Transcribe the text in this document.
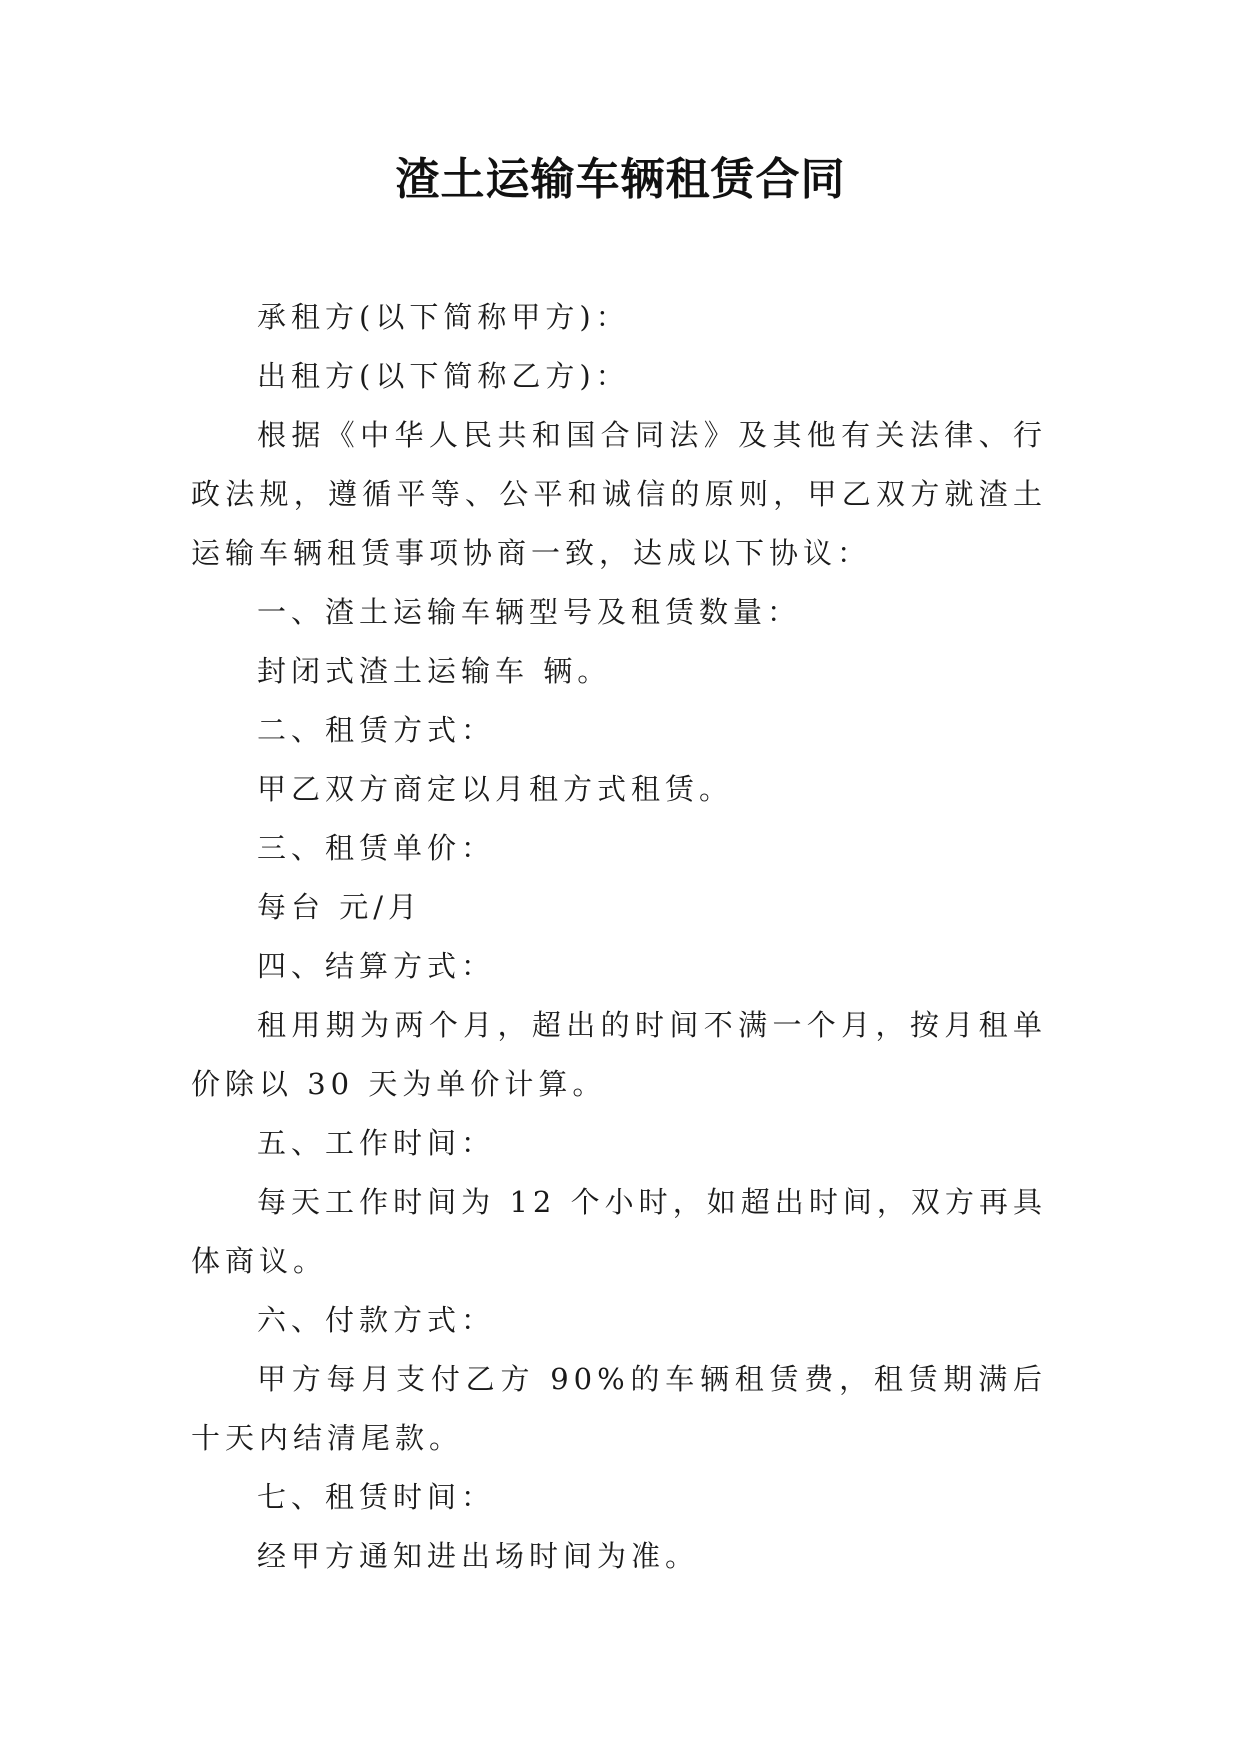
渣土运输车辆租赁合同

承租方(以下简称甲方)：

出租方(以下简称乙方)：

根据《中华人民共和国合同法》及其他有关法律、行政法规，遵循平等、公平和诚信的原则，甲乙双方就渣土运输车辆租赁事项协商一致，达成以下协议：

一、渣土运输车辆型号及租赁数量：

封闭式渣土运输车 辆。

二、租赁方式：

甲乙双方商定以月租方式租赁。

三、租赁单价：

每台 元/月

四、结算方式：

租用期为两个月，超出的时间不满一个月，按月租单价除以 30 天为单价计算。

五、工作时间：

每天工作时间为 12 个小时，如超出时间，双方再具体商议。

六、付款方式：

甲方每月支付乙方 90%的车辆租赁费，租赁期满后十天内结清尾款。

七、租赁时间：

经甲方通知进出场时间为准。
